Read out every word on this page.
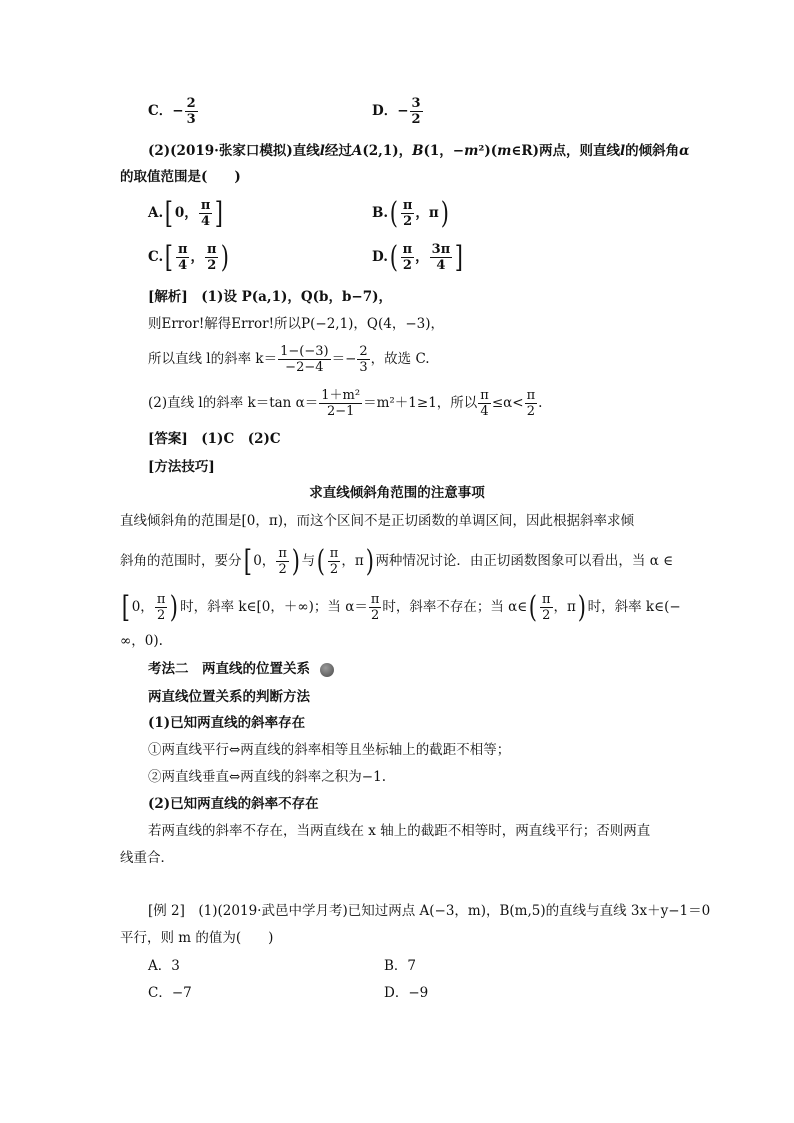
C．− $\frac{2}{3}$	D．− $\frac{3}{2}$
(2)(2019·张家口模拟)直线l经过A(2,1)，B(1，−m²)(m∈R)两点，则直线l的倾斜角α
的取值范围是(　　)
A.[ 0， $\frac{\pi}{4}$ ]	$B.( \frac{\pi}{2}$ ，π)
$C.[ \frac{\pi}{4}$ ， $\frac{\pi}{2}$ )	$D.( \frac{\pi}{2}$ ， $\frac{3\pi}{4}$ ]
[解析]　(1)设 P(a,1)，Q(b，b−7)，
则Error!解得Error!所以P(−2,1)，Q(4，−3)，
所以直线 l的斜率 $k= \frac{1-(-3)}{-2-4} =- \frac{2}{3}$ ，故选 C.
(2)直线 l的斜率 k＝tan $\alpha= \frac{\text{1＋m²}}{2-1} =m^2+1\ge 1$，所以 $\frac{\pi}{4} \le\alpha< \frac{\pi}{2}$ .
[答案]　(1)C　(2)C
[方法技巧]
求直线倾斜角范围的注意事项
直线倾斜角的范围是[0，π)，而这个区间不是正切函数的单调区间，因此根据斜率求倾
斜角的范围时，要分[ 0， $\frac{\pi}{2}$ ) 与( $\frac{\pi}{2}$ ，π) 两种情况讨论．由正切函数图象可以看出，当 α ∈
[ 0， $\frac{\pi}{2}$ ) 时，斜率 k∈[0，＋∞)；当 $\alpha= \frac{\pi}{2}$ 时，斜率不存在；当 α∈( $\frac{\pi}{2}$ ，π) 时，斜率 k∈(−
∞，0).
考法二　两直线的位置关系
两直线位置关系的判断方法
(1)已知两直线的斜率存在
①两直线平行⇔两直线的斜率相等且坐标轴上的截距不相等；
②两直线垂直⇔两直线的斜率之积为−1.
(2)已知两直线的斜率不存在
若两直线的斜率不存在，当两直线在 x 轴上的截距不相等时，两直线平行；否则两直
线重合．
[例 2]　(1)(2019·武邑中学月考)已知过两点 A(−3，m)，B(m,5)的直线与直线 3x＋y−1＝0
平行，则 m 的值为(　　)
A．3	B．7
C．−7	D．−9
